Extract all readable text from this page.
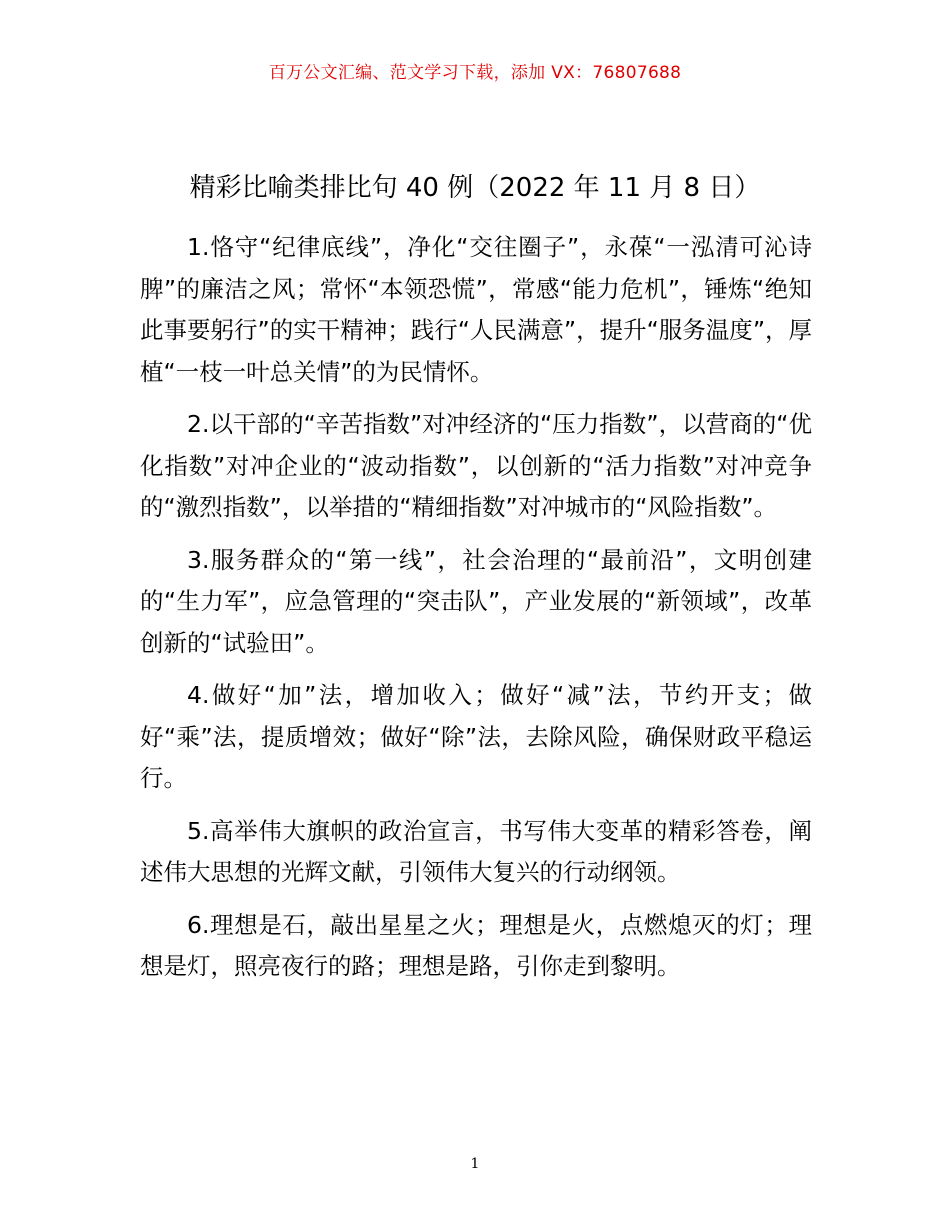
百万公文汇编、范文学习下载，添加 VX：76807688
精彩比喻类排比句 40 例（2022 年 11 月 8 日）

1.恪守“纪律底线”，净化“交往圈子”，永葆“一泓清可沁诗脾”的廉洁之风；常怀“本领恐慌”，常感“能力危机”，锤炼“绝知此事要躬行”的实干精神；践行“人民满意”，提升“服务温度”，厚植“一枝一叶总关情”的为民情怀。

2.以干部的“辛苦指数”对冲经济的“压力指数”，以营商的“优化指数”对冲企业的“波动指数”，以创新的“活力指数”对冲竞争的“激烈指数”，以举措的“精细指数”对冲城市的“风险指数”。

3.服务群众的“第一线”，社会治理的“最前沿”，文明创建的“生力军”，应急管理的“突击队”，产业发展的“新领域”，改革创新的“试验田”。

4.做好“加”法，增加收入；做好“减”法，节约开支；做好“乘”法，提质增效；做好“除”法，去除风险，确保财政平稳运行。

5.高举伟大旗帜的政治宣言，书写伟大变革的精彩答卷，阐述伟大思想的光辉文献，引领伟大复兴的行动纲领。

6.理想是石，敲出星星之火；理想是火，点燃熄灭的灯；理想是灯，照亮夜行的路；理想是路，引你走到黎明。

1
